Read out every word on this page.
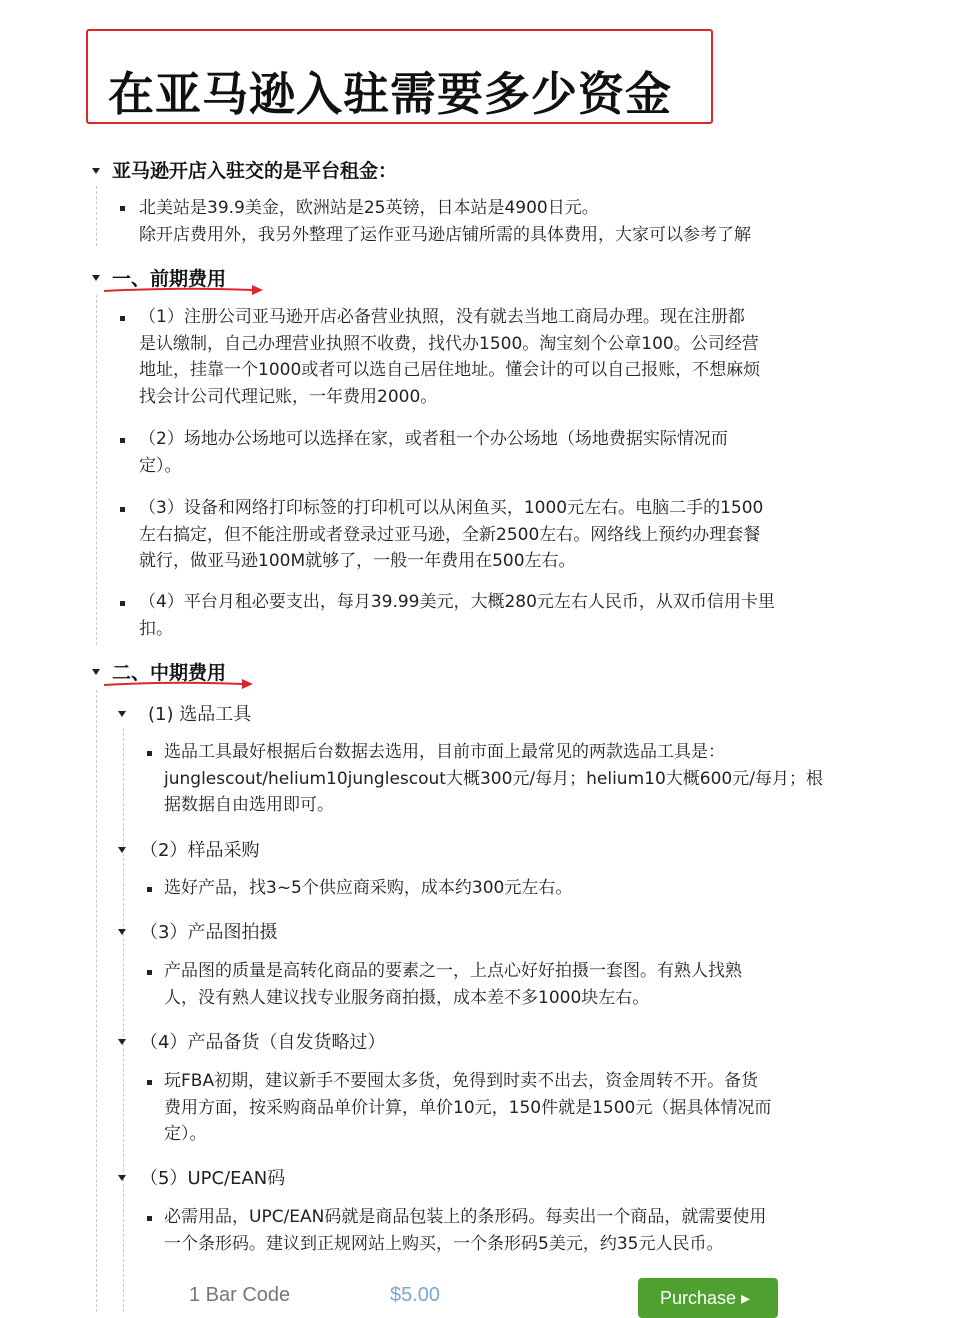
在亚马逊入驻需要多少资金
亚马逊开店入驻交的是平台租金：
北美站是39.9美金，欧洲站是25英镑，日本站是4900日元。
除开店费用外，我另外整理了运作亚马逊店铺所需的具体费用，大家可以参考了解
一、前期费用
（1）注册公司亚马逊开店必备营业执照，没有就去当地工商局办理。现在注册都
是认缴制，自己办理营业执照不收费，找代办1500。淘宝刻个公章100。公司经营
地址，挂靠一个1000或者可以选自己居住地址。懂会计的可以自己报账，不想麻烦
找会计公司代理记账，一年费用2000。
（2）场地办公场地可以选择在家，或者租一个办公场地（场地费据实际情况而
定）。
（3）设备和网络打印标签的打印机可以从闲鱼买，1000元左右。电脑二手的1500
左右搞定，但不能注册或者登录过亚马逊，全新2500左右。网络线上预约办理套餐
就行，做亚马逊100M就够了，一般一年费用在500左右。
（4）平台月租必要支出，每月39.99美元，大概280元左右人民币，从双币信用卡里
扣。
二、中期费用
(1) 选品工具
选品工具最好根据后台数据去选用，目前市面上最常见的两款选品工具是：
junglescout/helium10junglescout大概300元/每月；helium10大概600元/每月；根
据数据自由选用即可。
（2）样品采购
选好产品，找3~5个供应商采购，成本约300元左右。
（3）产品图拍摄
产品图的质量是高转化商品的要素之一，上点心好好拍摄一套图。有熟人找熟
人，没有熟人建议找专业服务商拍摄，成本差不多1000块左右。
（4）产品备货（自发货略过）
玩FBA初期，建议新手不要囤太多货，免得到时卖不出去，资金周转不开。备货
费用方面，按采购商品单价计算，单价10元，150件就是1500元（据具体情况而
定）。
（5）UPC/EAN码
必需用品，UPC/EAN码就是商品包装上的条形码。每卖出一个商品，就需要使用
一个条形码。建议到正规网站上购买，一个条形码5美元，约35元人民币。
1 Bar Code	$5.00	Purchase ▸
